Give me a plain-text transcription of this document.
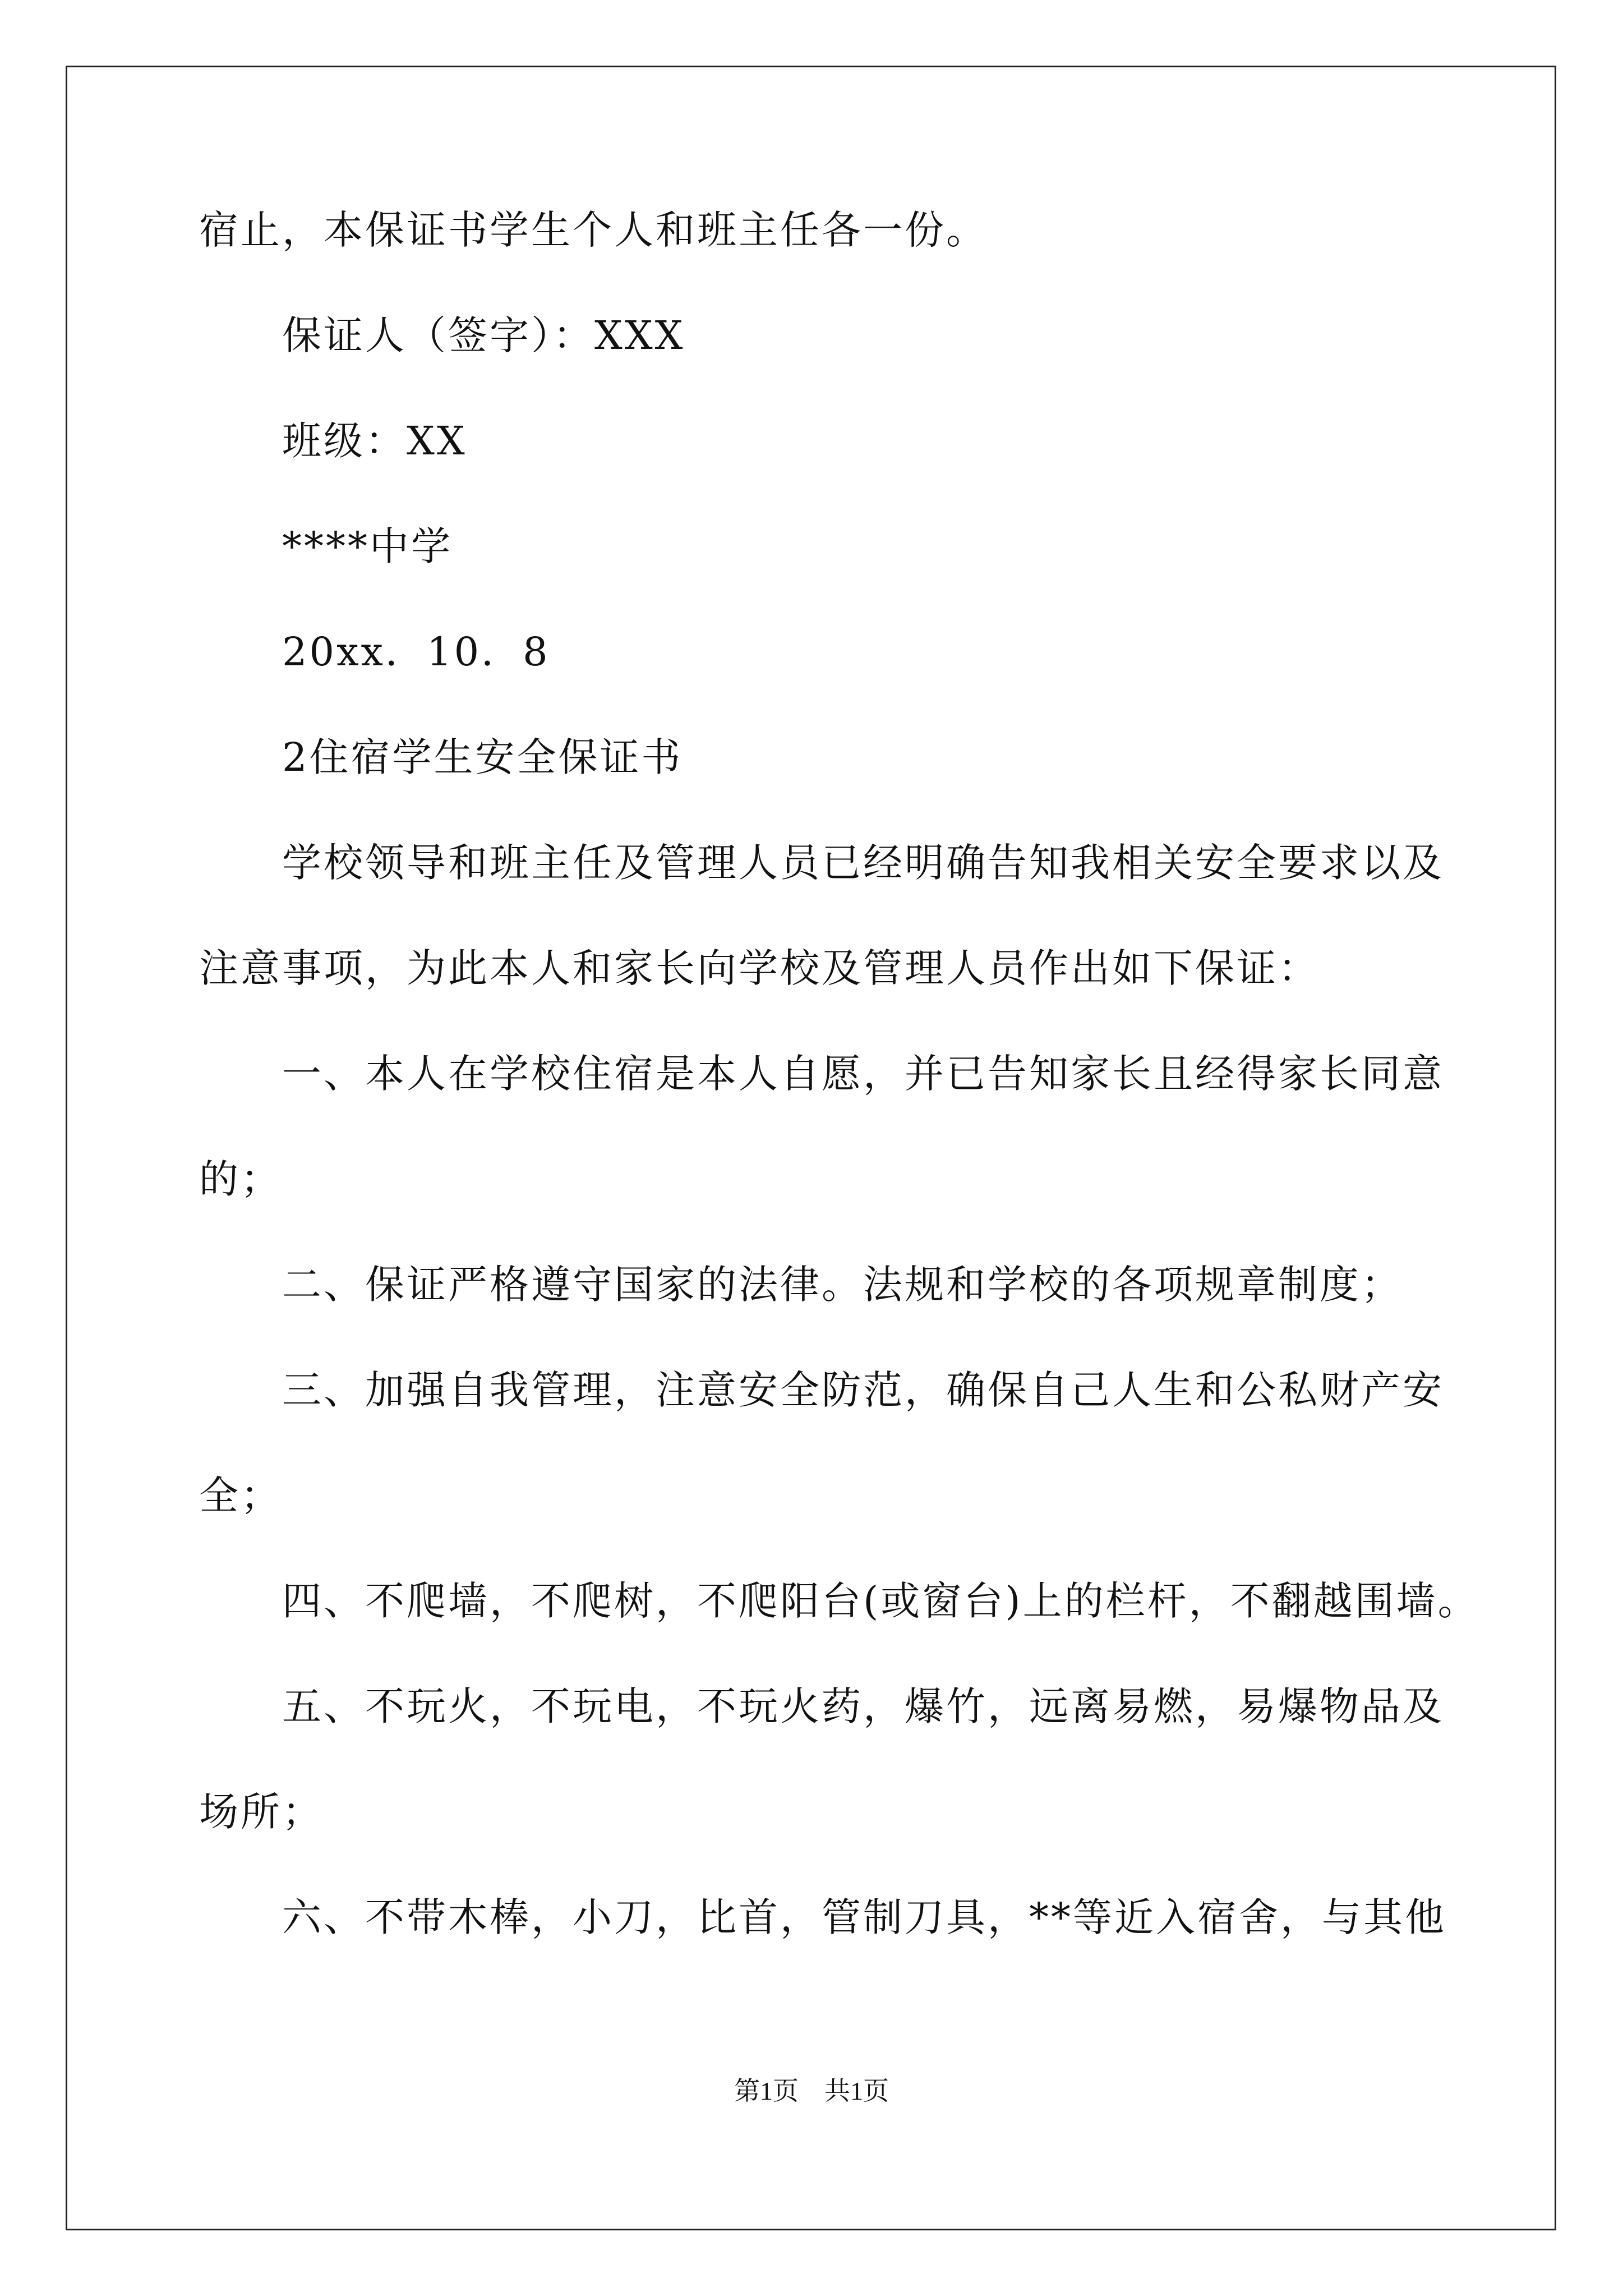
宿止，本保证书学生个人和班主任各一份。
保证人（签字）：XXX
班级：XX
****中学
20xx．10．8
2住宿学生安全保证书
学校领导和班主任及管理人员已经明确告知我相关安全要求以及
注意事项，为此本人和家长向学校及管理人员作出如下保证：
一、本人在学校住宿是本人自愿，并已告知家长且经得家长同意
的；
二、保证严格遵守国家的法律。法规和学校的各项规章制度；
三、加强自我管理，注意安全防范，确保自己人生和公私财产安
全；
四、不爬墙，不爬树，不爬阳台(或窗台)上的栏杆，不翻越围墙。
五、不玩火，不玩电，不玩火药，爆竹，远离易燃，易爆物品及
场所；
六、不带木棒，小刀，比首，管制刀具，**等近入宿舍，与其他
第1页　共1页
